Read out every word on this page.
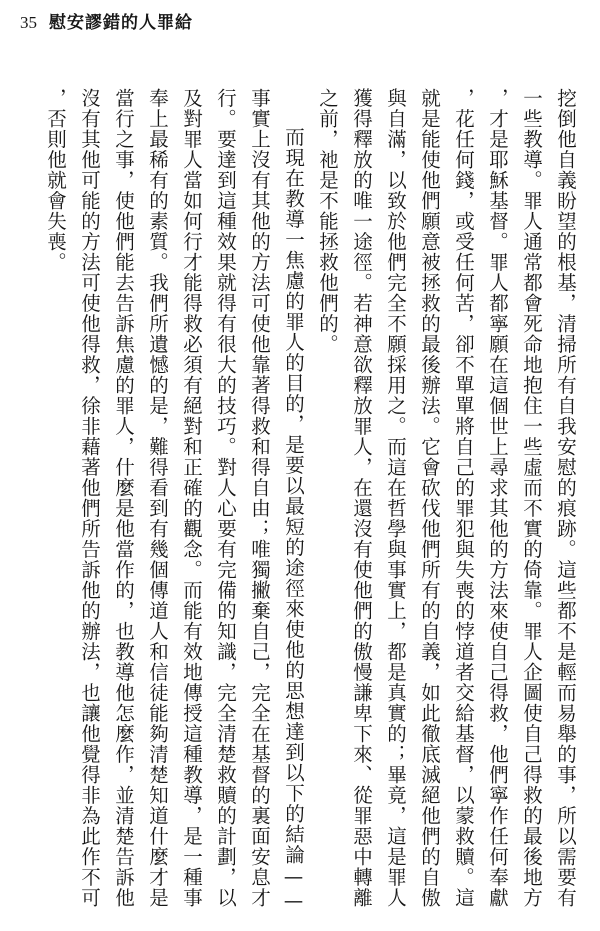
35 慰安謬錯的人罪給

挖倒他自義盼望的根基，清掃所有自我安慰的痕跡。這些都不是輕而易舉的事，所以需要有一些教導。罪人通常都會死命地抱住一些虛而不實的倚靠。罪人企圖使自己得救的最後地方，才是耶穌基督。罪人都寧願在這個世上尋求其他的方法來使自己得救，他們寧作任何奉獻，花任何錢，或受任何苦，卻不單單將自己的罪犯與失喪的悖道者交給基督，以蒙救贖。這就是能使他們願意被拯救的最後辦法。它會砍伐他們所有的自義，如此徹底滅絕他們的自傲與自滿，以致於他們完全不願採用之。而這在哲學與事實上，都是真實的；畢竟，這是罪人獲得釋放的唯一途徑。若神意欲釋放罪人，在還沒有使他們的傲慢謙卑下來、從罪惡中轉離之前，祂是不能拯救他們的。

而現在教導一焦慮的罪人的目的，是要以最短的途徑來使他的思想達到以下的結論——事實上沒有其他的方法可使他靠著得救和得自由；唯獨撇棄自己，完全在基督的裏面安息才行。要達到這種效果就得有很大的技巧。對人心要有完備的知識，完全清楚救贖的計劃，以及對罪人當如何行才能得救必須有絕對和正確的觀念。而能有效地傳授這種教導，是一種事奉上最稀有的素質。我們所遺憾的是，難得看到有幾個傳道人和信徒能夠清楚知道什麼才是當行之事，使他們能去告訴焦慮的罪人，什麼是他當作的，也教導他怎麼作，並清楚告訴他沒有其他可能的方法可使他得救，徐非藉著他們所告訴他的辦法，也讓他覺得非為此作不可，否則他就會失喪。
